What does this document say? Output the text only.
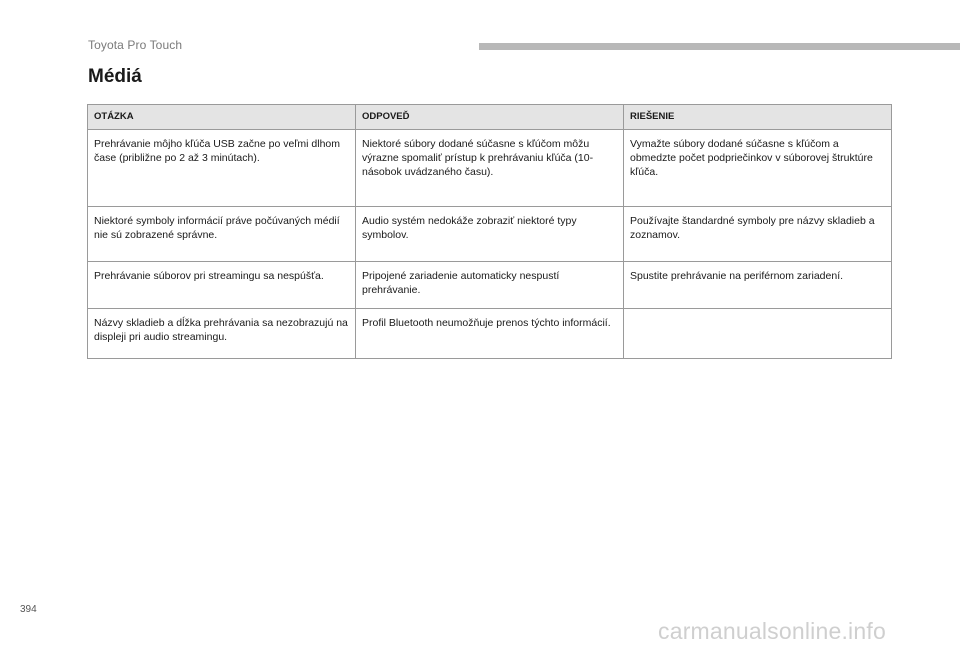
Toyota Pro Touch
Médiá
OTÁZKA	ODPOVEĎ	RIEŠENIE
Prehrávanie môjho kľúča USB začne po veľmi dlhom čase (približne po 2 až 3 minútach).	Niektoré súbory dodané súčasne s kľúčom môžu výrazne spomaliť prístup k prehrávaniu kľúča (10-násobok uvádzaného času).	Vymažte súbory dodané súčasne s kľúčom a obmedzte počet podpriečinkov v súborovej štruktúre kľúča.
Niektoré symboly informácií práve počúvaných médií nie sú zobrazené správne.	Audio systém nedokáže zobraziť niektoré typy symbolov.	Používajte štandardné symboly pre názvy skladieb a zoznamov.
Prehrávanie súborov pri streamingu sa nespúšťa.	Pripojené zariadenie automaticky nespustí prehrávanie.	Spustite prehrávanie na periférnom zariadení.
Názvy skladieb a dĺžka prehrávania sa nezobrazujú na displeji pri audio streamingu.	Profil Bluetooth neumožňuje prenos týchto informácií.	
394
carmanualsonline.info
